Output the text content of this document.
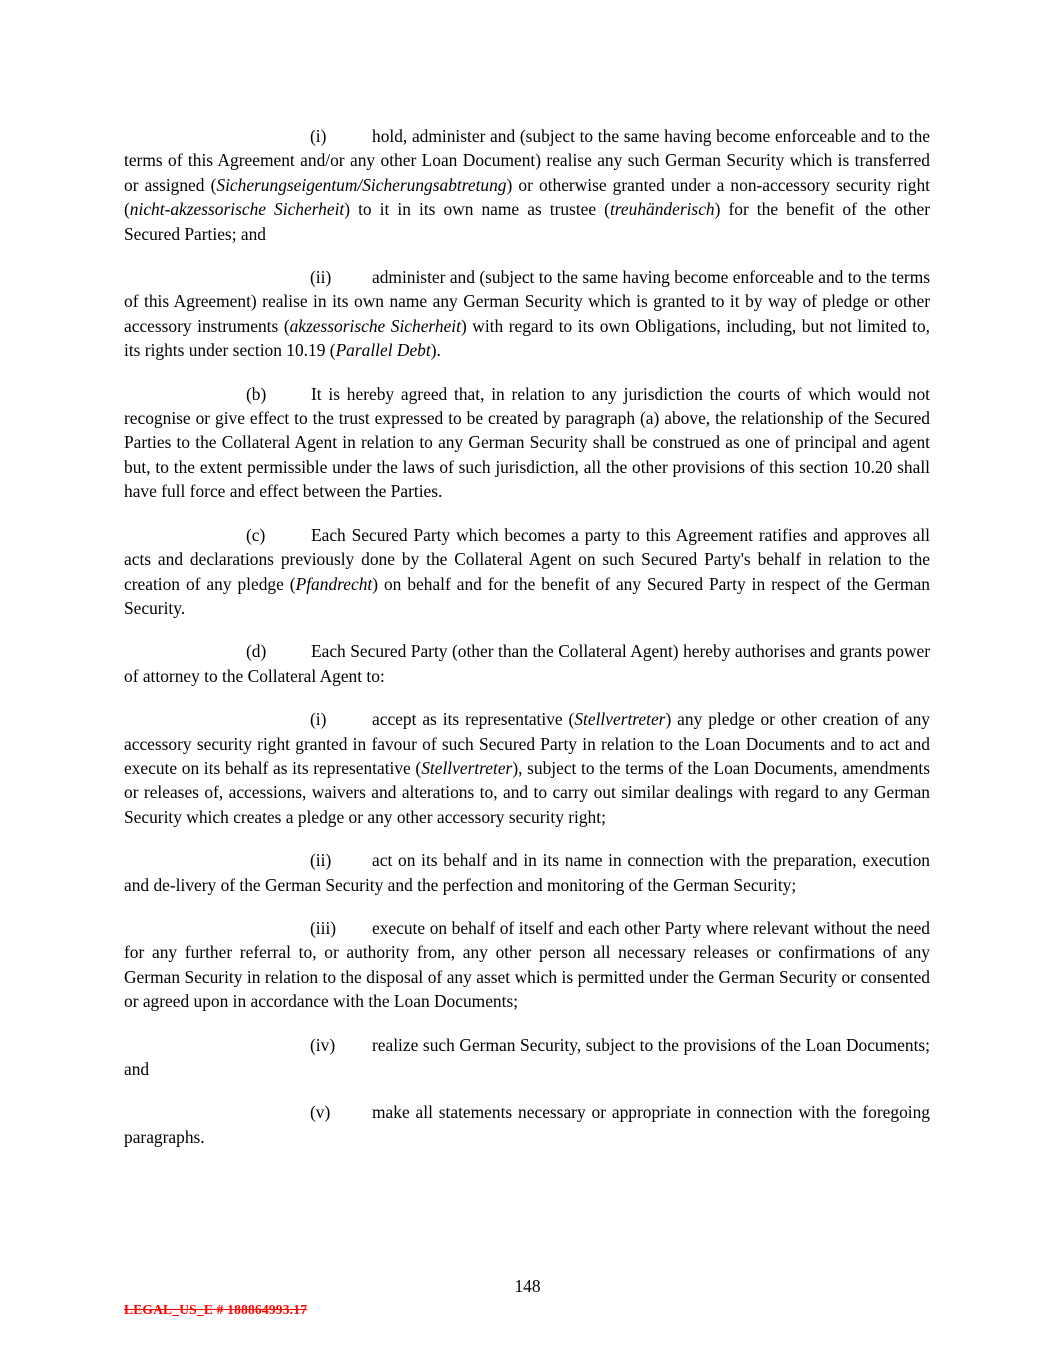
(i)	hold, administer and (subject to the same having become enforceable and to the terms of this Agreement and/or any other Loan Document) realise any such German Security which is transferred or assigned (Sicherungseigentum/Sicherungsabtretung) or otherwise granted under a non-accessory security right (nicht-akzessorische Sicherheit) to it in its own name as trustee (treuhänderisch) for the benefit of the other Secured Parties; and

(ii) administer and (subject to the same having become enforceable and to the terms of this Agreement) realise in its own name any German Security which is granted to it by way of pledge or other accessory instruments (akzessorische Sicherheit) with regard to its own Obligations, including, but not limited to, its rights under section 10.19 (Parallel Debt).

(b)	It is hereby agreed that, in relation to any jurisdiction the courts of which would not recognise or give effect to the trust expressed to be created by paragraph (a) above, the relationship of the Secured Parties to the Collateral Agent in relation to any German Security shall be construed as one of principal and agent but, to the extent permissible under the laws of such jurisdiction, all the other provisions of this section 10.20 shall have full force and effect between the Parties.

(c)	Each Secured Party which becomes a party to this Agreement ratifies and approves all acts and declarations previously done by the Collateral Agent on such Secured Party's behalf in relation to the creation of any pledge (Pfandrecht) on behalf and for the benefit of any Secured Party in respect of the German Security.

(d)	Each Secured Party (other than the Collateral Agent) hereby authorises and grants power of attorney to the Collateral Agent to:

(i)	accept as its representative (Stellvertreter) any pledge or other creation of any accessory security right granted in favour of such Secured Party in relation to the Loan Documents and to act and execute on its behalf as its representative (Stellvertreter), subject to the terms of the Loan Documents, amendments or releases of, accessions, waivers and alterations to, and to carry out similar dealings with regard to any German Security which creates a pledge or any other accessory security right;

(ii) act on its behalf and in its name in connection with the preparation, execution and de-livery of the German Security and the perfection and monitoring of the German Security;

(iii) execute on behalf of itself and each other Party where relevant without the need for any further referral to, or authority from, any other person all necessary releases or confirmations of any German Security in relation to the disposal of any asset which is permitted under the German Security or consented or agreed upon in accordance with the Loan Documents;

(iv) realize such German Security, subject to the provisions of the Loan Documents; and

(v) make all statements necessary or appropriate in connection with the foregoing paragraphs.

148
LEGAL_US_E # 188864993.17
